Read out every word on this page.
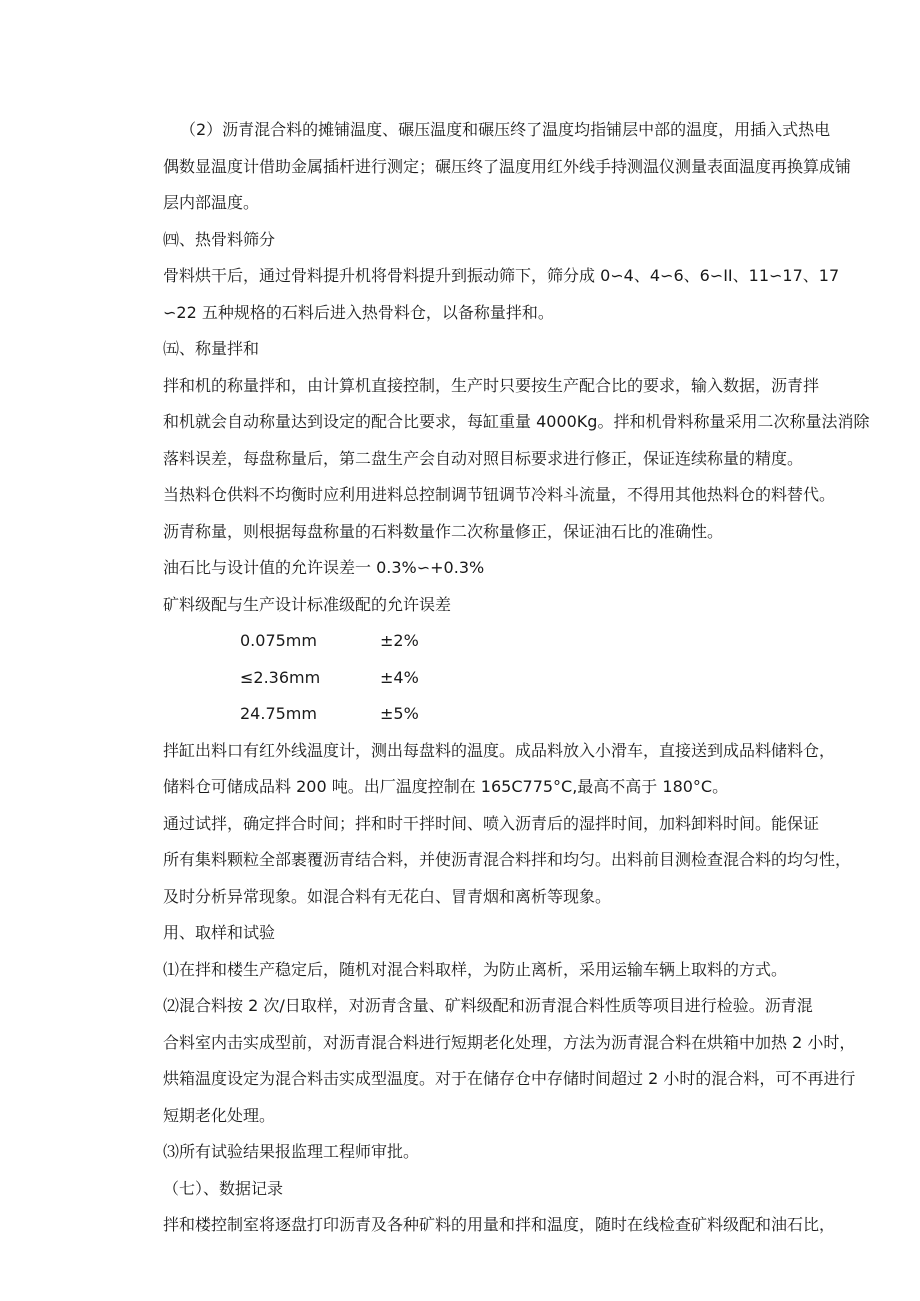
（2）沥青混合料的摊铺温度、碾压温度和碾压终了温度均指铺层中部的温度，用插入式热电
偶数显温度计借助金属插杆进行测定；碾压终了温度用红外线手持测温仪测量表面温度再换算成铺
层内部温度。
㈣、热骨料筛分
骨料烘干后，通过骨料提升机将骨料提升到振动筛下，筛分成 0∽4、4∽6、6∽II、11∽17、17
∽22 五种规格的石料后进入热骨料仓，以备称量拌和。
㈤、称量拌和
拌和机的称量拌和，由计算机直接控制，生产时只要按生产配合比的要求，输入数据，沥青拌
和机就会自动称量达到设定的配合比要求，每缸重量 4000Kg。拌和机骨料称量采用二次称量法消除
落料误差，每盘称量后，第二盘生产会自动对照目标要求进行修正，保证连续称量的精度。
当热料仓供料不均衡时应利用进料总控制调节钮调节冷料斗流量，不得用其他热料仓的料替代。
沥青称量，则根据每盘称量的石料数量作二次称量修正，保证油石比的准确性。
油石比与设计值的允许误差一 0.3%∽+0.3%
矿料级配与生产设计标准级配的允许误差
0.075mm	±2%
≤2.36mm	±4%
24.75mm	±5%
拌缸出料口有红外线温度计，测出每盘料的温度。成品料放入小滑车，直接送到成品料储料仓，
储料仓可储成品料 200 吨。出厂温度控制在 165C775°C,最高不高于 180°C。
通过试拌，确定拌合时间；拌和时干拌时间、喷入沥青后的湿拌时间，加料卸料时间。能保证
所有集料颗粒全部裹覆沥青结合料，并使沥青混合料拌和均匀。出料前目测检查混合料的均匀性，
及时分析异常现象。如混合料有无花白、冒青烟和离析等现象。
用、取样和试验
⑴在拌和楼生产稳定后，随机对混合料取样，为防止离析，采用运输车辆上取料的方式。
⑵混合料按 2 次/日取样，对沥青含量、矿料级配和沥青混合料性质等项目进行检验。沥青混
合料室内击实成型前，对沥青混合料进行短期老化处理，方法为沥青混合料在烘箱中加热 2 小时，
烘箱温度设定为混合料击实成型温度。对于在储存仓中存储时间超过 2 小时的混合料，可不再进行
短期老化处理。
⑶所有试验结果报监理工程师审批。
（七）、数据记录
拌和楼控制室将逐盘打印沥青及各种矿料的用量和拌和温度，随时在线检查矿料级配和油石比，
